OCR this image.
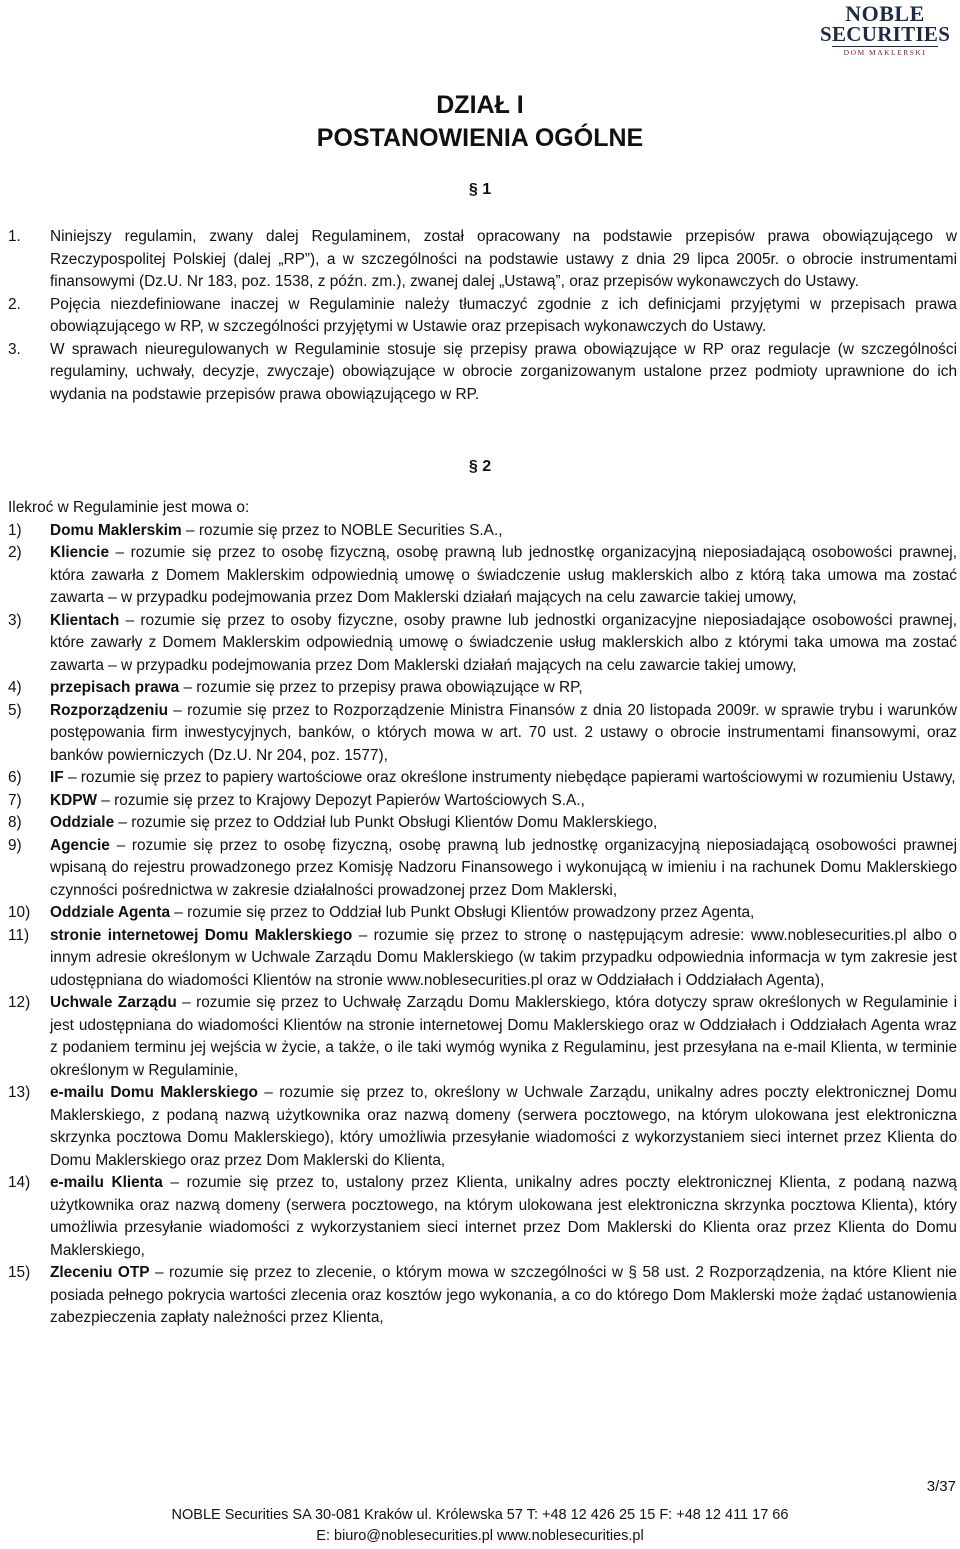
NOBLE
SECURITIES
DOM MAKLERSKI
DZIAŁ I
POSTANOWIENIA OGÓLNE
§ 1

1. Niniejszy regulamin, zwany dalej Regulaminem, został opracowany na podstawie przepisów prawa obowiązującego w Rzeczypospolitej Polskiej (dalej „RP”), a w szczególności na podstawie ustawy z dnia 29 lipca 2005r. o obrocie instrumentami finansowymi (Dz.U. Nr 183, poz. 1538, z późn. zm.), zwanej dalej „Ustawą”, oraz przepisów wykonawczych do Ustawy.

2. Pojęcia niezdefiniowane inaczej w Regulaminie należy tłumaczyć zgodnie z ich definicjami przyjętymi w przepisach prawa obowiązującego w RP, w szczególności przyjętymi w Ustawie oraz przepisach wykonawczych do Ustawy.

3. W sprawach nieuregulowanych w Regulaminie stosuje się przepisy prawa obowiązujące w RP oraz regulacje (w szczególności regulaminy, uchwały, decyzje, zwyczaje) obowiązujące w obrocie zorganizowanym ustalone przez podmioty uprawnione do ich wydania na podstawie przepisów prawa obowiązującego w RP.

§ 2

Ilekroć w Regulaminie jest mowa o:

1) Domu Maklerskim – rozumie się przez to NOBLE Securities S.A.,

2) Kliencie – rozumie się przez to osobę fizyczną, osobę prawną lub jednostkę organizacyjną nieposiadającą osobowości prawnej, która zawarła z Domem Maklerskim odpowiednią umowę o świadczenie usług maklerskich albo z którą taka umowa ma zostać zawarta – w przypadku podejmowania przez Dom Maklerski działań mających na celu zawarcie takiej umowy,

3) Klientach – rozumie się przez to osoby fizyczne, osoby prawne lub jednostki organizacyjne nieposiadające osobowości prawnej, które zawarły z Domem Maklerskim odpowiednią umowę o świadczenie usług maklerskich albo z którymi taka umowa ma zostać zawarta – w przypadku podejmowania przez Dom Maklerski działań mających na celu zawarcie takiej umowy,

4) przepisach prawa – rozumie się przez to przepisy prawa obowiązujące w RP,

5) Rozporządzeniu – rozumie się przez to Rozporządzenie Ministra Finansów z dnia 20 listopada 2009r. w sprawie trybu i warunków postępowania firm inwestycyjnych, banków, o których mowa w art. 70 ust. 2 ustawy o obrocie instrumentami finansowymi, oraz banków powierniczych (Dz.U. Nr 204, poz. 1577),

6) IF – rozumie się przez to papiery wartościowe oraz określone instrumenty niebędące papierami wartościowymi w rozumieniu Ustawy,

7) KDPW – rozumie się przez to Krajowy Depozyt Papierów Wartościowych S.A.,

8) Oddziale – rozumie się przez to Oddział lub Punkt Obsługi Klientów Domu Maklerskiego,

9) Agencie – rozumie się przez to osobę fizyczną, osobę prawną lub jednostkę organizacyjną nieposiadającą osobowości prawnej wpisaną do rejestru prowadzonego przez Komisję Nadzoru Finansowego i wykonującą w imieniu i na rachunek Domu Maklerskiego czynności pośrednictwa w zakresie działalności prowadzonej przez Dom Maklerski,

10) Oddziale Agenta – rozumie się przez to Oddział lub Punkt Obsługi Klientów prowadzony przez Agenta,

11) stronie internetowej Domu Maklerskiego – rozumie się przez to stronę o następującym adresie: www.noblesecurities.pl albo o innym adresie określonym w Uchwale Zarządu Domu Maklerskiego (w takim przypadku odpowiednia informacja w tym zakresie jest udostępniana do wiadomości Klientów na stronie www.noblesecurities.pl oraz w Oddziałach i Oddziałach Agenta),

12) Uchwale Zarządu – rozumie się przez to Uchwałę Zarządu Domu Maklerskiego, która dotyczy spraw określonych w Regulaminie i jest udostępniana do wiadomości Klientów na stronie internetowej Domu Maklerskiego oraz w Oddziałach i Oddziałach Agenta wraz z podaniem terminu jej wejścia w życie, a także, o ile taki wymóg wynika z Regulaminu, jest przesyłana na e-mail Klienta, w terminie określonym w Regulaminie,

13) e-mailu Domu Maklerskiego – rozumie się przez to, określony w Uchwale Zarządu, unikalny adres poczty elektronicznej Domu Maklerskiego, z podaną nazwą użytkownika oraz nazwą domeny (serwera pocztowego, na którym ulokowana jest elektroniczna skrzynka pocztowa Domu Maklerskiego), który umożliwia przesyłanie wiadomości z wykorzystaniem sieci internet przez Klienta do Domu Maklerskiego oraz przez Dom Maklerski do Klienta,

14) e-mailu Klienta – rozumie się przez to, ustalony przez Klienta, unikalny adres poczty elektronicznej Klienta, z podaną nazwą użytkownika oraz nazwą domeny (serwera pocztowego, na którym ulokowana jest elektroniczna skrzynka pocztowa Klienta), który umożliwia przesyłanie wiadomości z wykorzystaniem sieci internet przez Dom Maklerski do Klienta oraz przez Klienta do Domu Maklerskiego,

15) Zleceniu OTP – rozumie się przez to zlecenie, o którym mowa w szczególności w § 58 ust. 2 Rozporządzenia, na które Klient nie posiada pełnego pokrycia wartości zlecenia oraz kosztów jego wykonania, a co do którego Dom Maklerski może żądać ustanowienia zabezpieczenia zapłaty należności przez Klienta,

3/37
NOBLE Securities SA 30-081 Kraków ul. Królewska 57 T: +48 12 426 25 15 F: +48 12 411 17 66
E: biuro@noblesecurities.pl www.noblesecurities.pl
